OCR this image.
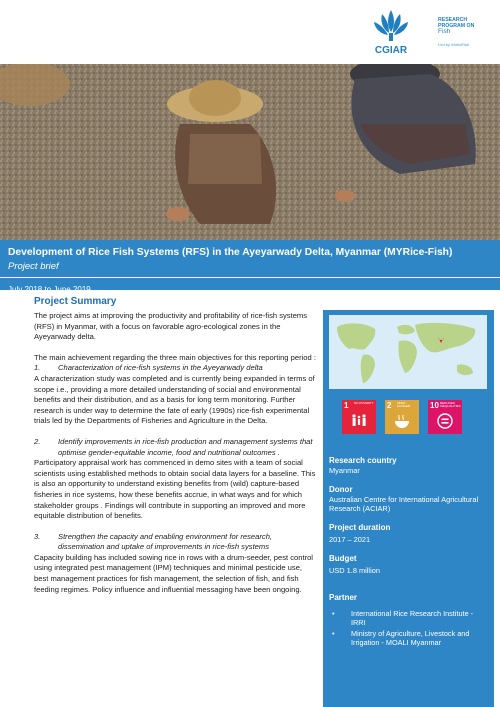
CGIAR
RESEARCH
PROGRAM ON
Fish
Led by WorldFish
Development of Rice Fish Systems (RFS) in the Ayeyarwady Delta, Myanmar (MYRice-Fish)
Project brief
July 2018 to June 2019
Project Summary

The project aims at improving the productivity and profitability of rice-fish systems (RFS) in Myanmar, with a focus on favorable agro-ecological zones in the Ayeyarwady delta.

The main achievement regarding the three main objectives for this reporting period :

1.	Characterization of rice-fish systems in the Ayeyarwady delta

A characterization study was completed and is currently being expanded in terms of scope i.e., providing a more detailed understanding of social and environmental benefits and their distribution, and as a basis for long term monitoring. Further research is under way to determine the fate of early (1990s) rice-fish experimental trials led by the Departments of Fisheries and Agriculture in the Delta.

2.	Identify improvements in rice-fish production and management systems that optimise gender-equitable income, food and nutritional outcomes .

Participatory appraisal work has commenced in demo sites with a team of social scientists using established methods to obtain social data layers for a baseline. This is also an opportunity to understand existing benefits from (wild) capture-based fisheries in rice systems, how these benefits accrue, in what ways and for which stakeholder groups . Findings will contribute in supporting an improved and more equitable distribution of benefits.

3.	Strengthen the capacity and enabling environment for research, dissemination and uptake of improvements in rice-fish systems

Capacity building has included sowing rice in rows with a drum-seeder, pest control using integrated pest management (IPM) techniques and minimal pesticide use, best management practices for fish management, the selection of fish, and fish feeding regimes. Policy influence and influential messaging have been ongoing.

1 NO POVERTY 2 ZERO HUNGER	10 REDUCED INEQUALITIES
Research country
Myanmar
Donor
Australian Centre for International Agricultural Research (ACIAR)
Project duration
2017 – 2021
Budget
USD 1.8 million
Partner
•	International Rice Research Institute - IRRI
•	Ministry of Agriculture, Livestock and Irrigation - MOALI Myanmar
